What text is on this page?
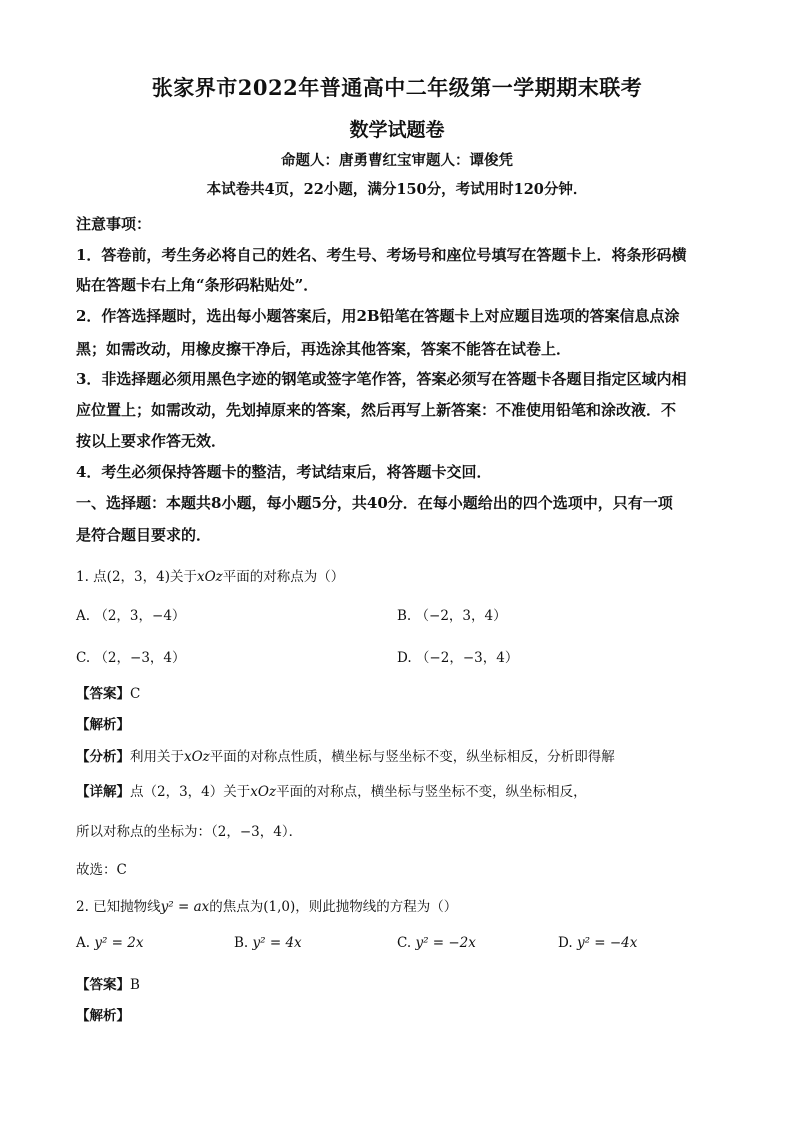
张家界市2022年普通高中二年级第一学期期末联考
数学试题卷
命题人：唐勇曹红宝审题人：谭俊凭
本试卷共4页，22小题，满分150分，考试用时120分钟．
注意事项：
1．答卷前，考生务必将自己的姓名、考生号、考场号和座位号填写在答题卡上．将条形码横
贴在答题卡右上角“条形码粘贴处”．
2．作答选择题时，选出每小题答案后，用2B铅笔在答题卡上对应题目选项的答案信息点涂
黑；如需改动，用橡皮擦干净后，再选涂其他答案，答案不能答在试卷上．
3．非选择题必须用黑色字迹的钢笔或签字笔作答，答案必须写在答题卡各题目指定区域内相
应位置上；如需改动，先划掉原来的答案，然后再写上新答案：不准使用铅笔和涂改液．不
按以上要求作答无效．
4．考生必须保持答题卡的整洁，考试结束后，将答题卡交回．
一、选择题：本题共8小题，每小题5分，共40分．在每小题给出的四个选项中，只有一项
是符合题目要求的．
1. 点(2，3，4)关于xOz平面的对称点为（）
A. （2，3，−4）	B. （−2，3，4）
C. （2，−3，4）	D. （−2，−3，4）
【答案】C
【解析】
【分析】利用关于xOz平面的对称点性质，横坐标与竖坐标不变，纵坐标相反，分析即得解
【详解】点（2，3，4）关于xOz平面的对称点，横坐标与竖坐标不变，纵坐标相反，
所以对称点的坐标为：（2，−3，4）．
故选：C
2. 已知抛物线y² = ax的焦点为(1,0)，则此抛物线的方程为（）
A. y² = 2x	B. y² = 4x	C. y² = −2x	D. y² = −4x
【答案】B
【解析】
